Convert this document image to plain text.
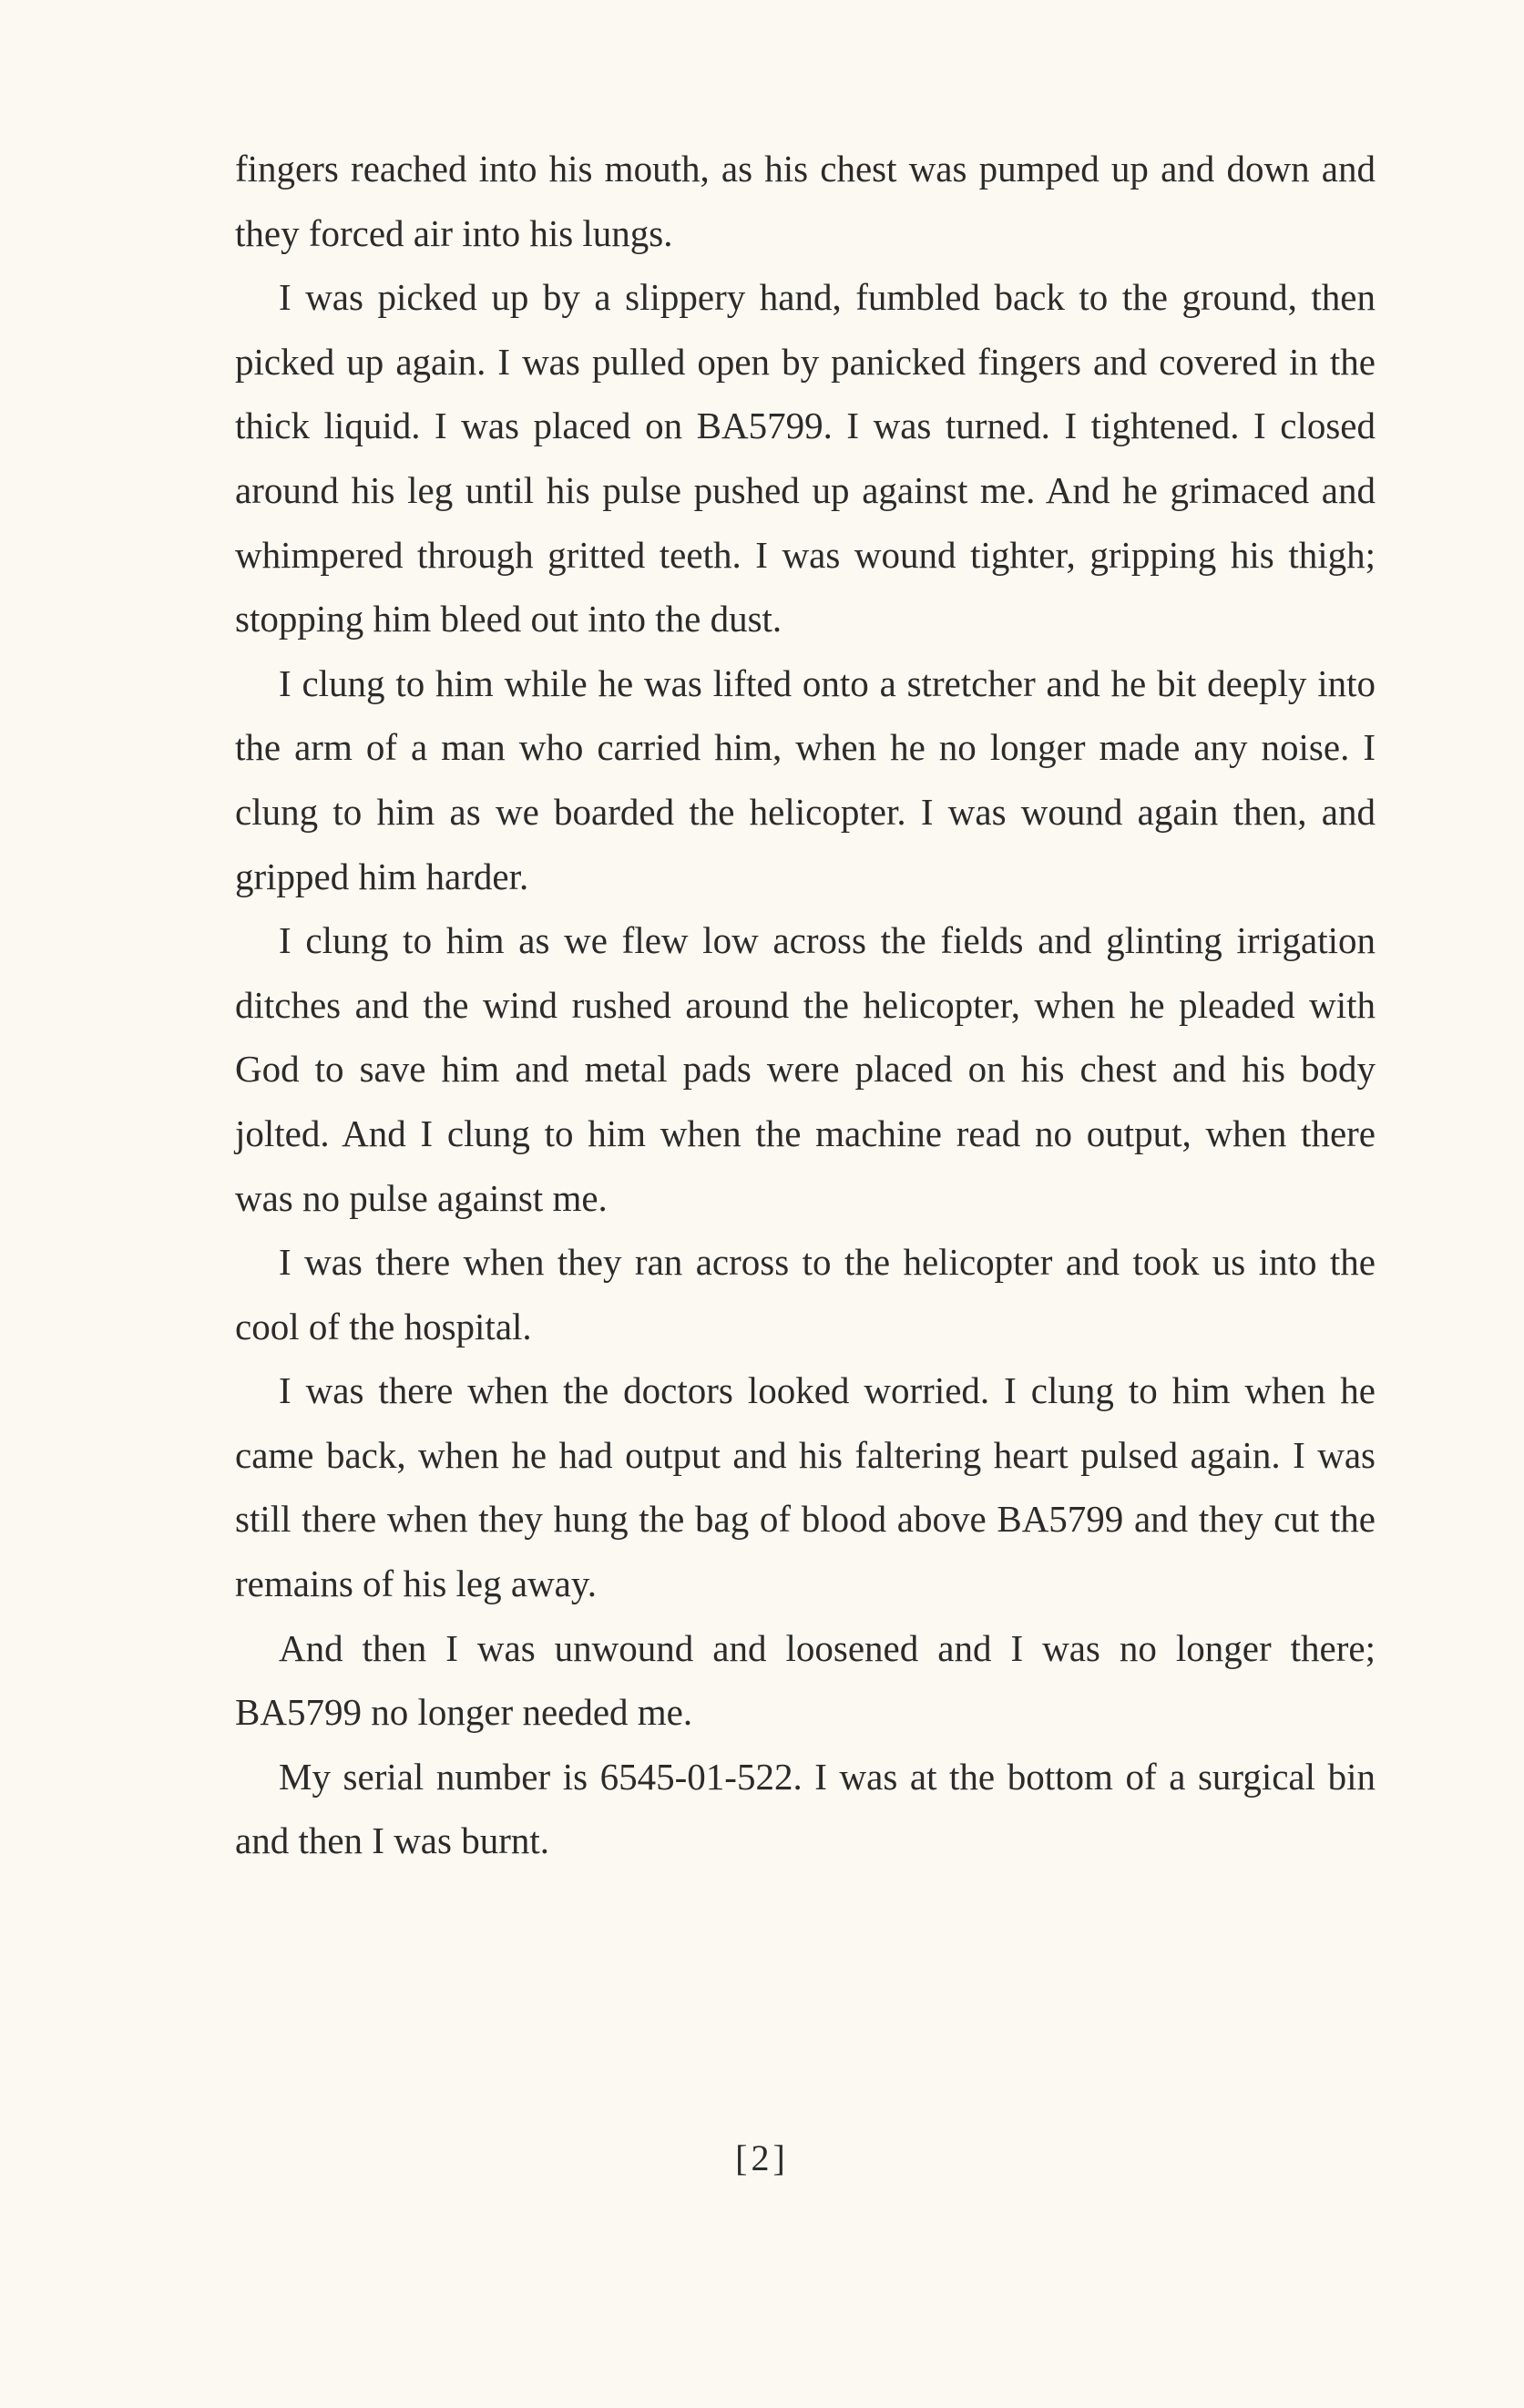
fingers reached into his mouth, as his chest was pumped up and down and they forced air into his lungs.

I was picked up by a slippery hand, fumbled back to the ground, then picked up again. I was pulled open by panicked fingers and covered in the thick liquid. I was placed on BA5799. I was turned. I tightened. I closed around his leg until his pulse pushed up against me. And he grimaced and whimpered through gritted teeth. I was wound tighter, gripping his thigh; stopping him bleed out into the dust.

I clung to him while he was lifted onto a stretcher and he bit deeply into the arm of a man who carried him, when he no longer made any noise. I clung to him as we boarded the helicopter. I was wound again then, and gripped him harder.

I clung to him as we flew low across the fields and glinting irrigation ditches and the wind rushed around the helicopter, when he pleaded with God to save him and metal pads were placed on his chest and his body jolted. And I clung to him when the machine read no output, when there was no pulse against me.

I was there when they ran across to the helicopter and took us into the cool of the hospital.

I was there when the doctors looked worried. I clung to him when he came back, when he had output and his faltering heart pulsed again. I was still there when they hung the bag of blood above BA5799 and they cut the remains of his leg away.

And then I was unwound and loosened and I was no longer there; BA5799 no longer needed me.

My serial number is 6545-01-522. I was at the bottom of a surgical bin and then I was burnt.

[2]
